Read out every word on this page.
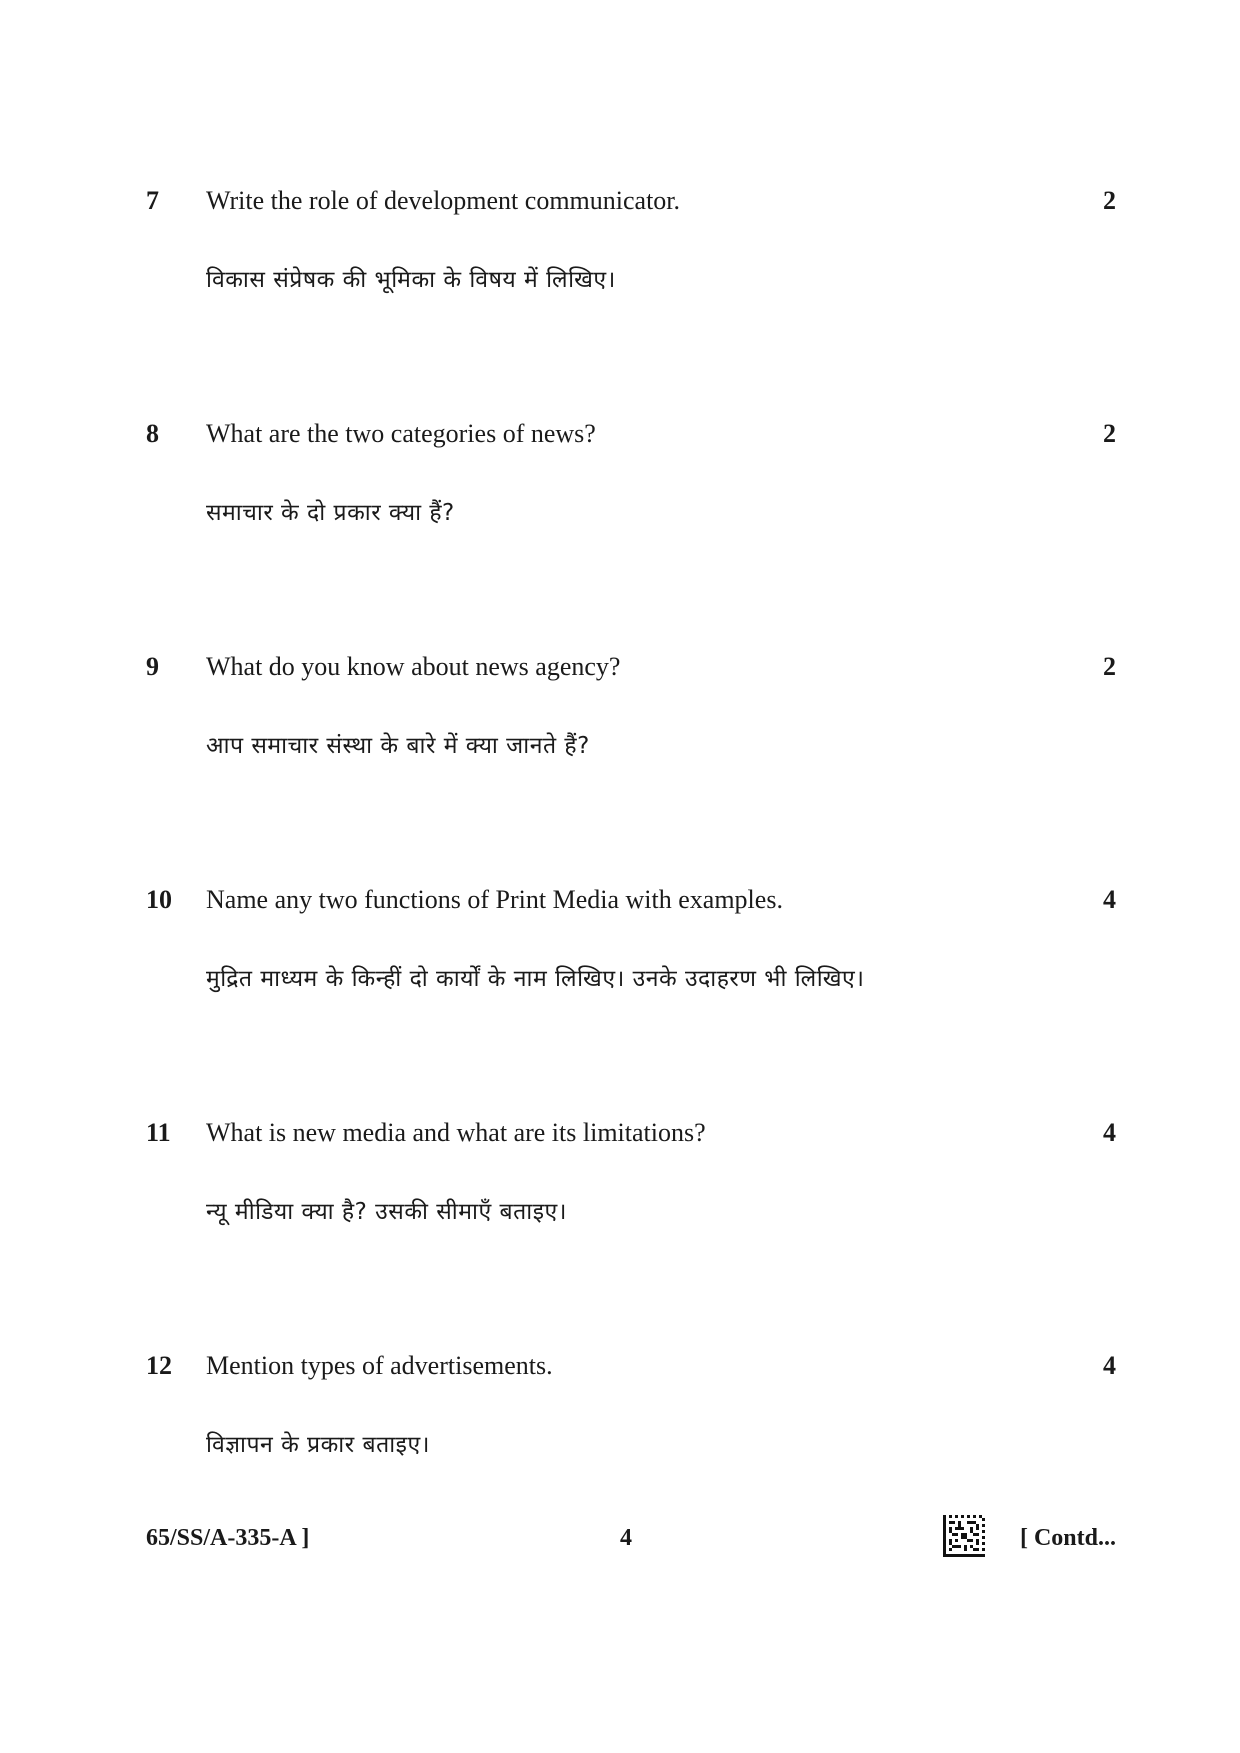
7 Write the role of development communicator.	2
विकास संप्रेषक की भूमिका के विषय में लिखिए।
8 What are the two categories of news?	2
समाचार के दो प्रकार क्या हैं?
9 What do you know about news agency?	2
आप समाचार संस्था के बारे में क्या जानते हैं?
10 Name any two functions of Print Media with examples.	4
मुद्रित माध्यम के किन्हीं दो कार्यों के नाम लिखिए। उनके उदाहरण भी लिखिए।
11 What is new media and what are its limitations?	4
न्यू मीडिया क्या है? उसकी सीमाएँ बताइए।
12 Mention types of advertisements.	4
विज्ञापन के प्रकार बताइए।
65/SS/A-335-A ]	4	[ Contd...
